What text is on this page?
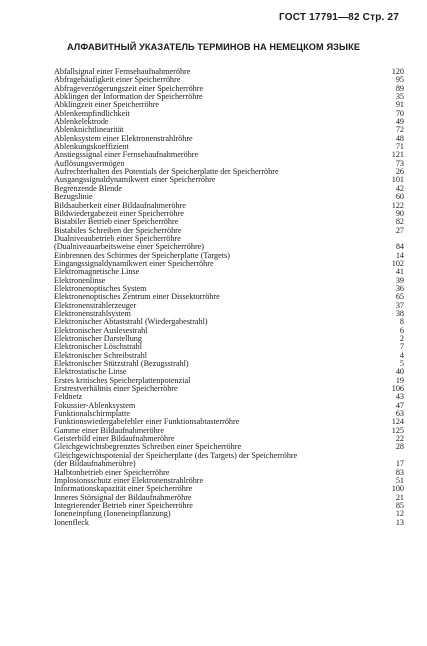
ГОСТ 17791—82 Стр. 27
АЛФАВИТНЫЙ УКАЗАТЕЛЬ ТЕРМИНОВ НА НЕМЕЦКОМ ЯЗЫКЕ
Abfallsignal einer Fernsehaufnahmeröhre	120
Abfragehäufigkeit einer Speicherröhre	95
Abfrageverzögerungszeit einer Speicherröhre	89
Abklingen der Information der Speicherröhre	35
Abklingzeit einer Speicherröhre	91
Ablenkempfindlichkeit	70
Ablenkelektrode	49
Ablenknichtlinearität	72
Ablenksystem einer Elektronenstrahlröhre	48
Ablenkungskoeffizient	71
Anstiegssignal einer Fernsehaufnahmeröhre	121
Auflösungsvermögen	73
Aufrechterhalten des Potentials der Speicherplatte der Speicherröhre	26
Ausgangssignaldynamikwert einer Speicherröhre	101
Begrenzende Blende	42
Bezugslinie	60
Bildsauberkeit einer Bildaufnahmeröhre	122
Bildwiedergabezeit einer Speicherröhre	90
Bistabiler Betrieb einer Speicherröhre	82
Bistabiles Schreiben der Speicherröhre	27
Dualniveaubetrieb einer Speicherröhre
(Dualniveauarbeitsweise einer Speicherröhre)	84
Einbrennen des Schirmes der Speicherplatte (Targets)	14
Eingangssignaldynamikwert einer Speicherröhre	102
Elektromagnetische Linse	41
Elektronenlinse	39
Elektronenoptisches System	36
Elektronenoptisches Zentrum einer Dissektorröhre	65
Elektronenstrahlerzeuger	37
Elektronenstrahlsystem	38
Elektronischer Abtaststrahl (Wiedergabestrahl)	8
Elektronischer Auslesestrahl	6
Elektronischer Darstellung	2
Elektronischer Löschstrahl	7
Elektronischer Schreibstrahl	4
Elektronischer Stützstrahl (Bezugsstrahl)	5
Elektrostatische Linse	40
Erstes kritisches Speicherplattenpotenzial	19
Erstrestverhältnis einer Speicherröhre	106
Feldnetz	43
Fokussier-Ablenksystem	47
Funktionalschirmplatte	63
Funktionswiedergabefehler einer Funktionsabtasterröhre	124
Gamme einer Bildaufnahmeröhre	125
Geisterbild einer Bildaufnahmeröhre	22
Gleichgewichtsbegrenztes Schreiben einer Speicherröhre	28
Gleichgewichtspotenial der Speicherplatte (des Targets) der Speicherröhre
(der Bildaufnahmeröhre)	17
Halbtonbetrieb einer Speicherröhre	83
Implosionsschutz einer Elektronenstrahlröhre	51
Informationskapazität einer Speicherröhre	100
Inneres Störsignal der Bildaufnahmeröhre	21
Integrierender Betrieb einer Speicherröhre	85
Ioneneinpfung (Ioneneinpflanzung)	12
Ionenfleck	13
